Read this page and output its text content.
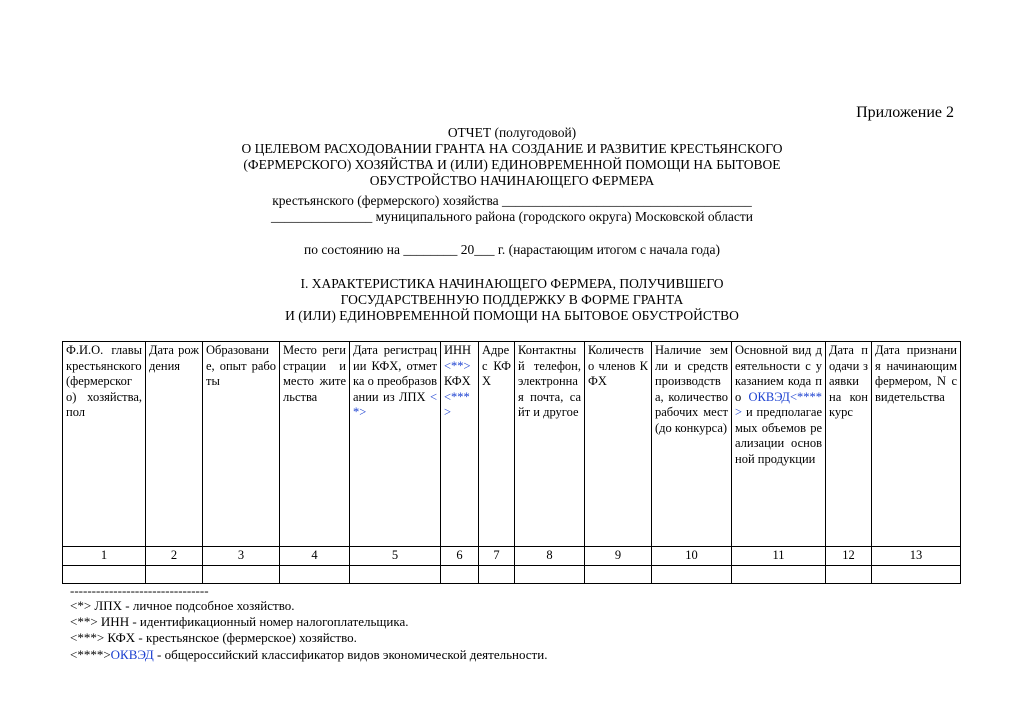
Приложение 2
ОТЧЕТ (полугодовой)
О ЦЕЛЕВОМ РАСХОДОВАНИИ ГРАНТА НА СОЗДАНИЕ И РАЗВИТИЕ КРЕСТЬЯНСКОГО
(ФЕРМЕРСКОГО) ХОЗЯЙСТВА И (ИЛИ) ЕДИНОВРЕМЕННОЙ ПОМОЩИ НА БЫТОВОЕ
ОБУСТРОЙСТВО НАЧИНАЮЩЕГО ФЕРМЕРА
крестьянского (фермерского) хозяйства _____________________________________
_______________ муниципального района (городского округа) Московской области
по состоянию на ________ 20___ г. (нарастающим итогом с начала года)
I. ХАРАКТЕРИСТИКА НАЧИНАЮЩЕГО ФЕРМЕРА, ПОЛУЧИВШЕГО
ГОСУДАРСТВЕННУЮ ПОДДЕРЖКУ В ФОРМЕ ГРАНТА
И (ИЛИ) ЕДИНОВРЕМЕННОЙ ПОМОЩИ НА БЫТОВОЕ ОБУСТРОЙСТВО
Ф.И.О. главы крестьянского (фермерского) хозяйства, пол	Дата рождения	Образование, опыт работы	Место регистрации и место жительства	Дата регистрации КФХ, отметка о преобразовании из ЛПХ <*>	ИНН <**> КФХ <***>	Адрес КФХ	Контактный телефон, электронная почта, сайт и другое	Количество членов КФХ	Наличие земли и средств производства, количество рабочих мест (до конкурса)	Основной вид деятельности с указанием кода по ОКВЭД<****> и предполагаемых объемов реализации основной продукции	Дата подачи заявки на конкурс	Дата признания начинающим фермером, N свидетельства
1	2	3	4	5	6	7	8	9	10	11	12	13

--------------------------------
<*> ЛПХ - личное подсобное хозяйство.
<**> ИНН - идентификационный номер налогоплательщика.
<***> КФХ - крестьянское (фермерское) хозяйство.
<****>ОКВЭД - общероссийский классификатор видов экономической деятельности.
